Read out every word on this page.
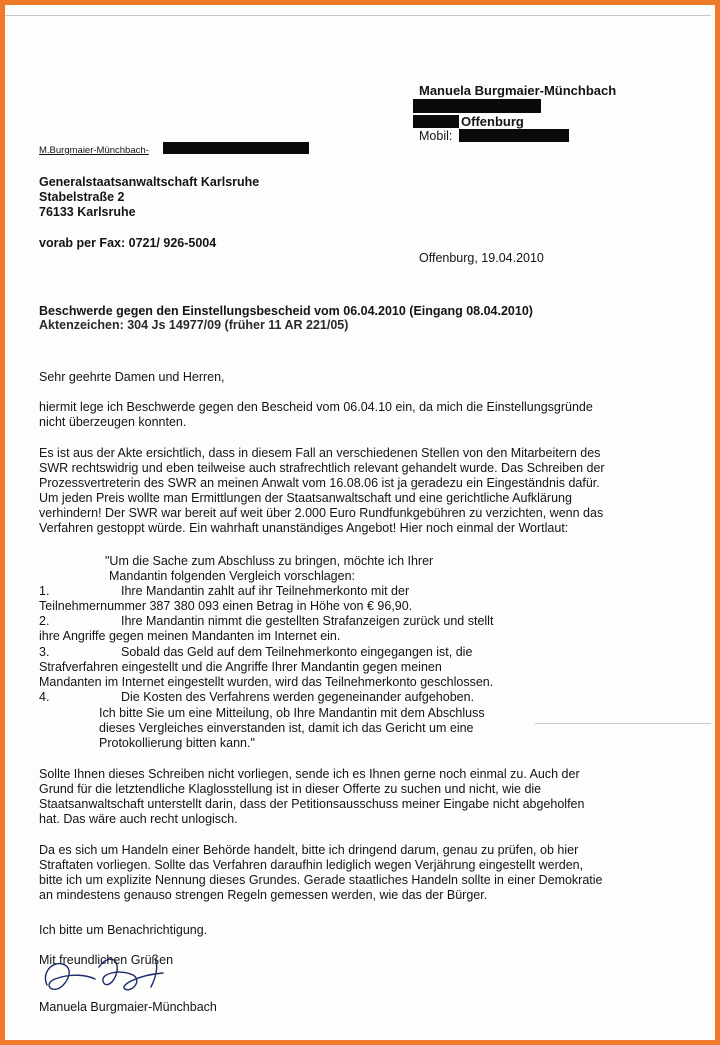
Manuela Burgmaier-Münchbach
Offenburg
Mobil:
M.Burgmaier-Münchbach-
Generalstaatsanwaltschaft Karlsruhe
Stabelstraße 2
76133 Karlsruhe
vorab per Fax: 0721/ 926-5004
Offenburg, 19.04.2010
Beschwerde gegen den Einstellungsbescheid vom 06.04.2010 (Eingang 08.04.2010)
Aktenzeichen: 304 Js 14977/09 (früher 11 AR 221/05)
Sehr geehrte Damen und Herren,
hiermit lege ich Beschwerde gegen den Bescheid vom 06.04.10 ein, da mich die Einstellungsgründe
nicht überzeugen konnten.
Es ist aus der Akte ersichtlich, dass in diesem Fall an verschiedenen Stellen von den Mitarbeitern des
SWR rechtswidrig und eben teilweise auch strafrechtlich relevant gehandelt wurde. Das Schreiben der
Prozessvertreterin des SWR an meinen Anwalt vom 16.08.06 ist ja geradezu ein Eingeständnis dafür.
Um jeden Preis wollte man Ermittlungen der Staatsanwaltschaft und eine gerichtliche Aufklärung
verhindern! Der SWR war bereit auf weit über 2.000 Euro Rundfunkgebühren zu verzichten, wenn das
Verfahren gestoppt würde. Ein wahrhaft unanständiges Angebot! Hier noch einmal der Wortlaut:
"Um die Sache zum Abschluss zu bringen, möchte ich Ihrer
Mandantin folgenden Vergleich vorschlagen:
1.	Ihre Mandantin zahlt auf ihr Teilnehmerkonto mit der
Teilnehmernummer 387 380 093 einen Betrag in Höhe von € 96,90.
2.	Ihre Mandantin nimmt die gestellten Strafanzeigen zurück und stellt
ihre Angriffe gegen meinen Mandanten im Internet ein.
3.	Sobald das Geld auf dem Teilnehmerkonto eingegangen ist, die
Strafverfahren eingestellt und die Angriffe Ihrer Mandantin gegen meinen
Mandanten im Internet eingestellt wurden, wird das Teilnehmerkonto geschlossen.
4.	Die Kosten des Verfahrens werden gegeneinander aufgehoben.
Ich bitte Sie um eine Mitteilung, ob Ihre Mandantin mit dem Abschluss
dieses Vergleiches einverstanden ist, damit ich das Gericht um eine
Protokollierung bitten kann."
Sollte Ihnen dieses Schreiben nicht vorliegen, sende ich es Ihnen gerne noch einmal zu. Auch der
Grund für die letztendliche Klaglosstellung ist in dieser Offerte zu suchen und nicht, wie die
Staatsanwaltschaft unterstellt darin, dass der Petitionsausschuss meiner Eingabe nicht abgeholfen
hat. Das wäre auch recht unlogisch.
Da es sich um Handeln einer Behörde handelt, bitte ich dringend darum, genau zu prüfen, ob hier
Straftaten vorliegen. Sollte das Verfahren daraufhin lediglich wegen Verjährung eingestellt werden,
bitte ich um explizite Nennung dieses Grundes. Gerade staatliches Handeln sollte in einer Demokratie
an mindestens genauso strengen Regeln gemessen werden, wie das der Bürger.
Ich bitte um Benachrichtigung.
Mit freundlichen Grüßen
Manuela Burgmaier-Münchbach
